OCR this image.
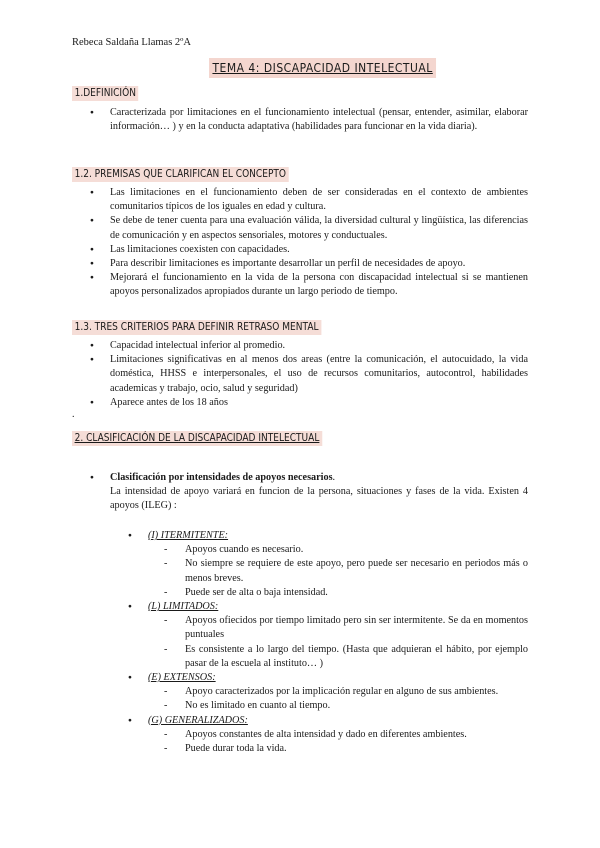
Rebeca Saldaña Llamas 2ºA
TEMA 4: DISCAPACIDAD INTELECTUAL
1.DEFINICIÓN
● Caracterizada por limitaciones en el funcionamiento intelectual (pensar, entender, asimilar, elaborar información… ) y en la conducta adaptativa (habilidades para funcionar en la vida diaria).
1.2. PREMISAS QUE CLARIFICAN EL CONCEPTO
● Las limitaciones en el funcionamiento deben de ser consideradas en el contexto de ambientes comunitarios típicos de los iguales en edad y cultura.
● Se debe de tener cuenta para una evaluación válida, la diversidad cultural y lingüística, las diferencias de comunicación y en aspectos sensoriales, motores y conductuales.
● Las limitaciones coexisten con capacidades.
● Para describir limitaciones es importante desarrollar un perfil de necesidades de apoyo.
● Mejorará el funcionamiento en la vida de la persona con discapacidad intelectual si se mantienen apoyos personalizados apropiados durante un largo periodo de tiempo.
1.3. TRES CRITERIOS PARA DEFINIR RETRASO MENTAL
● Capacidad intelectual inferior al promedio.
● Limitaciones significativas en al menos dos areas (entre la comunicación, el autocuidado, la vida doméstica, HHSS e interpersonales, el uso de recursos comunitarios, autocontrol, habilidades academicas y trabajo, ocio, salud y seguridad)
● Aparece antes de los 18 años
.
2. CLASIFICACIÓN DE LA DISCAPACIDAD INTELECTUAL
● Clasificación por intensidades de apoyos necesarios.
La intensidad de apoyo variará en funcion de la persona, situaciones y fases de la vida. Existen 4 apoyos (ILEG) :
● (I) ITERMITENTE:
- Apoyos cuando es necesario.
- No siempre se requiere de este apoyo, pero puede ser necesario en periodos más o menos breves.
- Puede ser de alta o baja intensidad.
● (L) LIMITADOS:
- Apoyos ofiecidos por tiempo limitado pero sin ser intermitente. Se da en momentos puntuales
- Es consistente a lo largo del tiempo. (Hasta que adquieran el hábito, por ejemplo pasar de la escuela al instituto… )
● (E) EXTENSOS:
- Apoyo caracterizados por la implicación regular en alguno de sus ambientes.
- No es limitado en cuanto al tiempo.
● (G) GENERALIZADOS:
- Apoyos constantes de alta intensidad y dado en diferentes ambientes.
- Puede durar toda la vida.
